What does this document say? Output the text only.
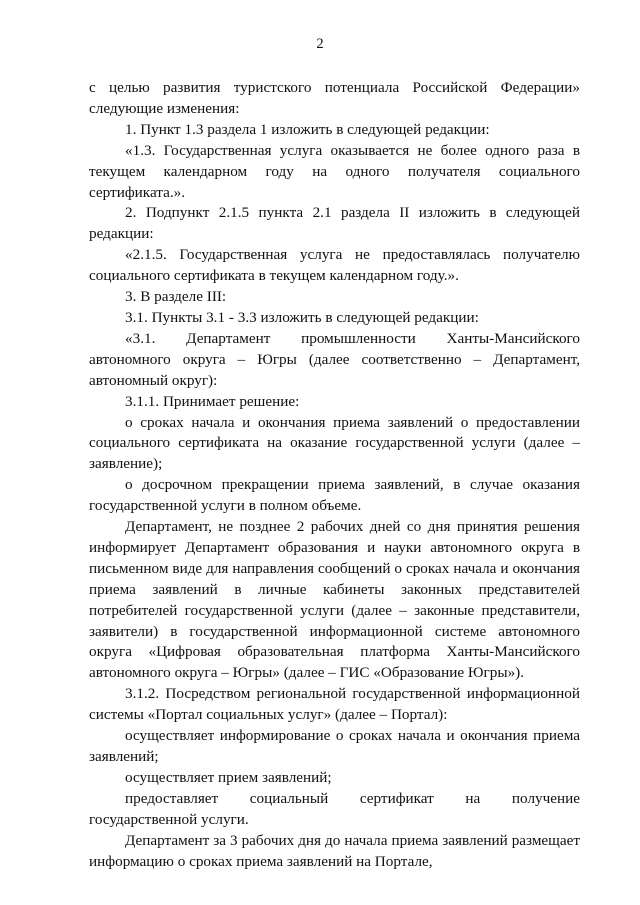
2

с целью развития туристского потенциала Российской Федерации» следующие изменения:

1. Пункт 1.3 раздела 1 изложить в следующей редакции:

«1.3. Государственная услуга оказывается не более одного раза в текущем календарном году на одного получателя социального сертификата.».

2. Подпункт 2.1.5 пункта 2.1 раздела II изложить в следующей редакции:

«2.1.5. Государственная услуга не предоставлялась получателю социального сертификата в текущем календарном году.».

3. В разделе III:

3.1. Пункты 3.1 - 3.3 изложить в следующей редакции:

«3.1. Департамент промышленности Ханты-Мансийского автономного округа – Югры (далее соответственно – Департамент, автономный округ):

3.1.1. Принимает решение:

о сроках начала и окончания приема заявлений о предоставлении социального сертификата на оказание государственной услуги (далее – заявление);

о досрочном прекращении приема заявлений, в случае оказания государственной услуги в полном объеме.

Департамент, не позднее 2 рабочих дней со дня принятия решения информирует Департамент образования и науки автономного округа в письменном виде для направления сообщений о сроках начала и окончания приема заявлений в личные кабинеты законных представителей потребителей государственной услуги (далее – законные представители, заявители) в государственной информационной системе автономного округа «Цифровая образовательная платформа Ханты-Мансийского автономного округа – Югры» (далее – ГИС «Образование Югры»).

3.1.2. Посредством региональной государственной информационной системы «Портал социальных услуг» (далее – Портал):

осуществляет информирование о сроках начала и окончания приема заявлений;

осуществляет прием заявлений;

предоставляет социальный сертификат на получение государственной услуги.

Департамент за 3 рабочих дня до начала приема заявлений размещает информацию о сроках приема заявлений на Портале,
